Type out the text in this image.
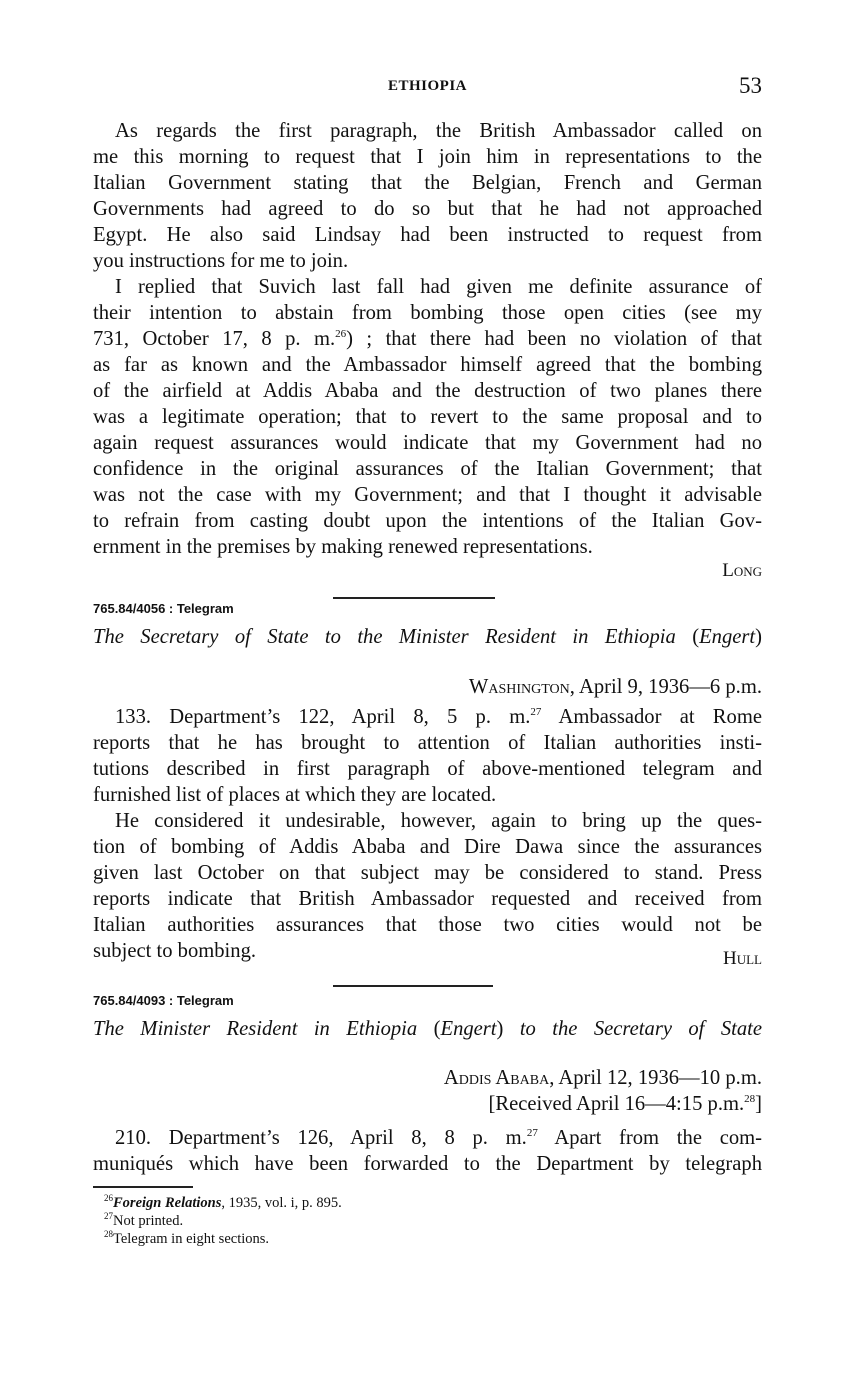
ETHIOPIA	53

As regards the first paragraph, the British Ambassador called on
me this morning to request that I join him in representations to the
Italian Government stating that the Belgian, French and German
Governments had agreed to do so but that he had not approached
Egypt. He also said Lindsay had been instructed to request from
you instructions for me to join.

I replied that Suvich last fall had given me definite assurance of
their intention to abstain from bombing those open cities (see my
731, October 17, 8 p. m.$^{26}$) ; that there had been no violation of that
as far as known and the Ambassador himself agreed that the bombing
of the airfield at Addis Ababa and the destruction of two planes there
was a legitimate operation; that to revert to the same proposal and to
again request assurances would indicate that my Government had no
confidence in the original assurances of the Italian Government; that
was not the case with my Government; and that I thought it advisable
to refrain from casting doubt upon the intentions of the Italian Gov-
ernment in the premises by making renewed representations.

Long
765.84/4056 : Telegram
The Secretary of State to the Minister Resident in Ethiopia (Engert)
Washington, April 9, 1936—6 p.m.

133. Department’s 122, April 8, 5 p. m.$^{27}$ Ambassador at Rome
reports that he has brought to attention of Italian authorities insti-
tutions described in first paragraph of above-mentioned telegram and
furnished list of places at which they are located.

He considered it undesirable, however, again to bring up the ques-
tion of bombing of Addis Ababa and Dire Dawa since the assurances
given last October on that subject may be considered to stand. Press
reports indicate that British Ambassador requested and received from
Italian authorities assurances that those two cities would not be
subject to bombing.	Hull
765.84/4093 : Telegram
The Minister Resident in Ethiopia (Engert) to the Secretary of State
Addis Ababa, April 12, 1936—10 p.m.
[Received April 16—4:15 p.m.$^{28}$]

210. Department’s 126, April 8, 8 p. m.$^{27}$ Apart from the com-
muniqués which have been forwarded to the Department by telegraph

$^{26}$Foreign Relations, 1935, vol. i, p. 895.
$^{27}$Not printed.
$^{28}$Telegram in eight sections.
